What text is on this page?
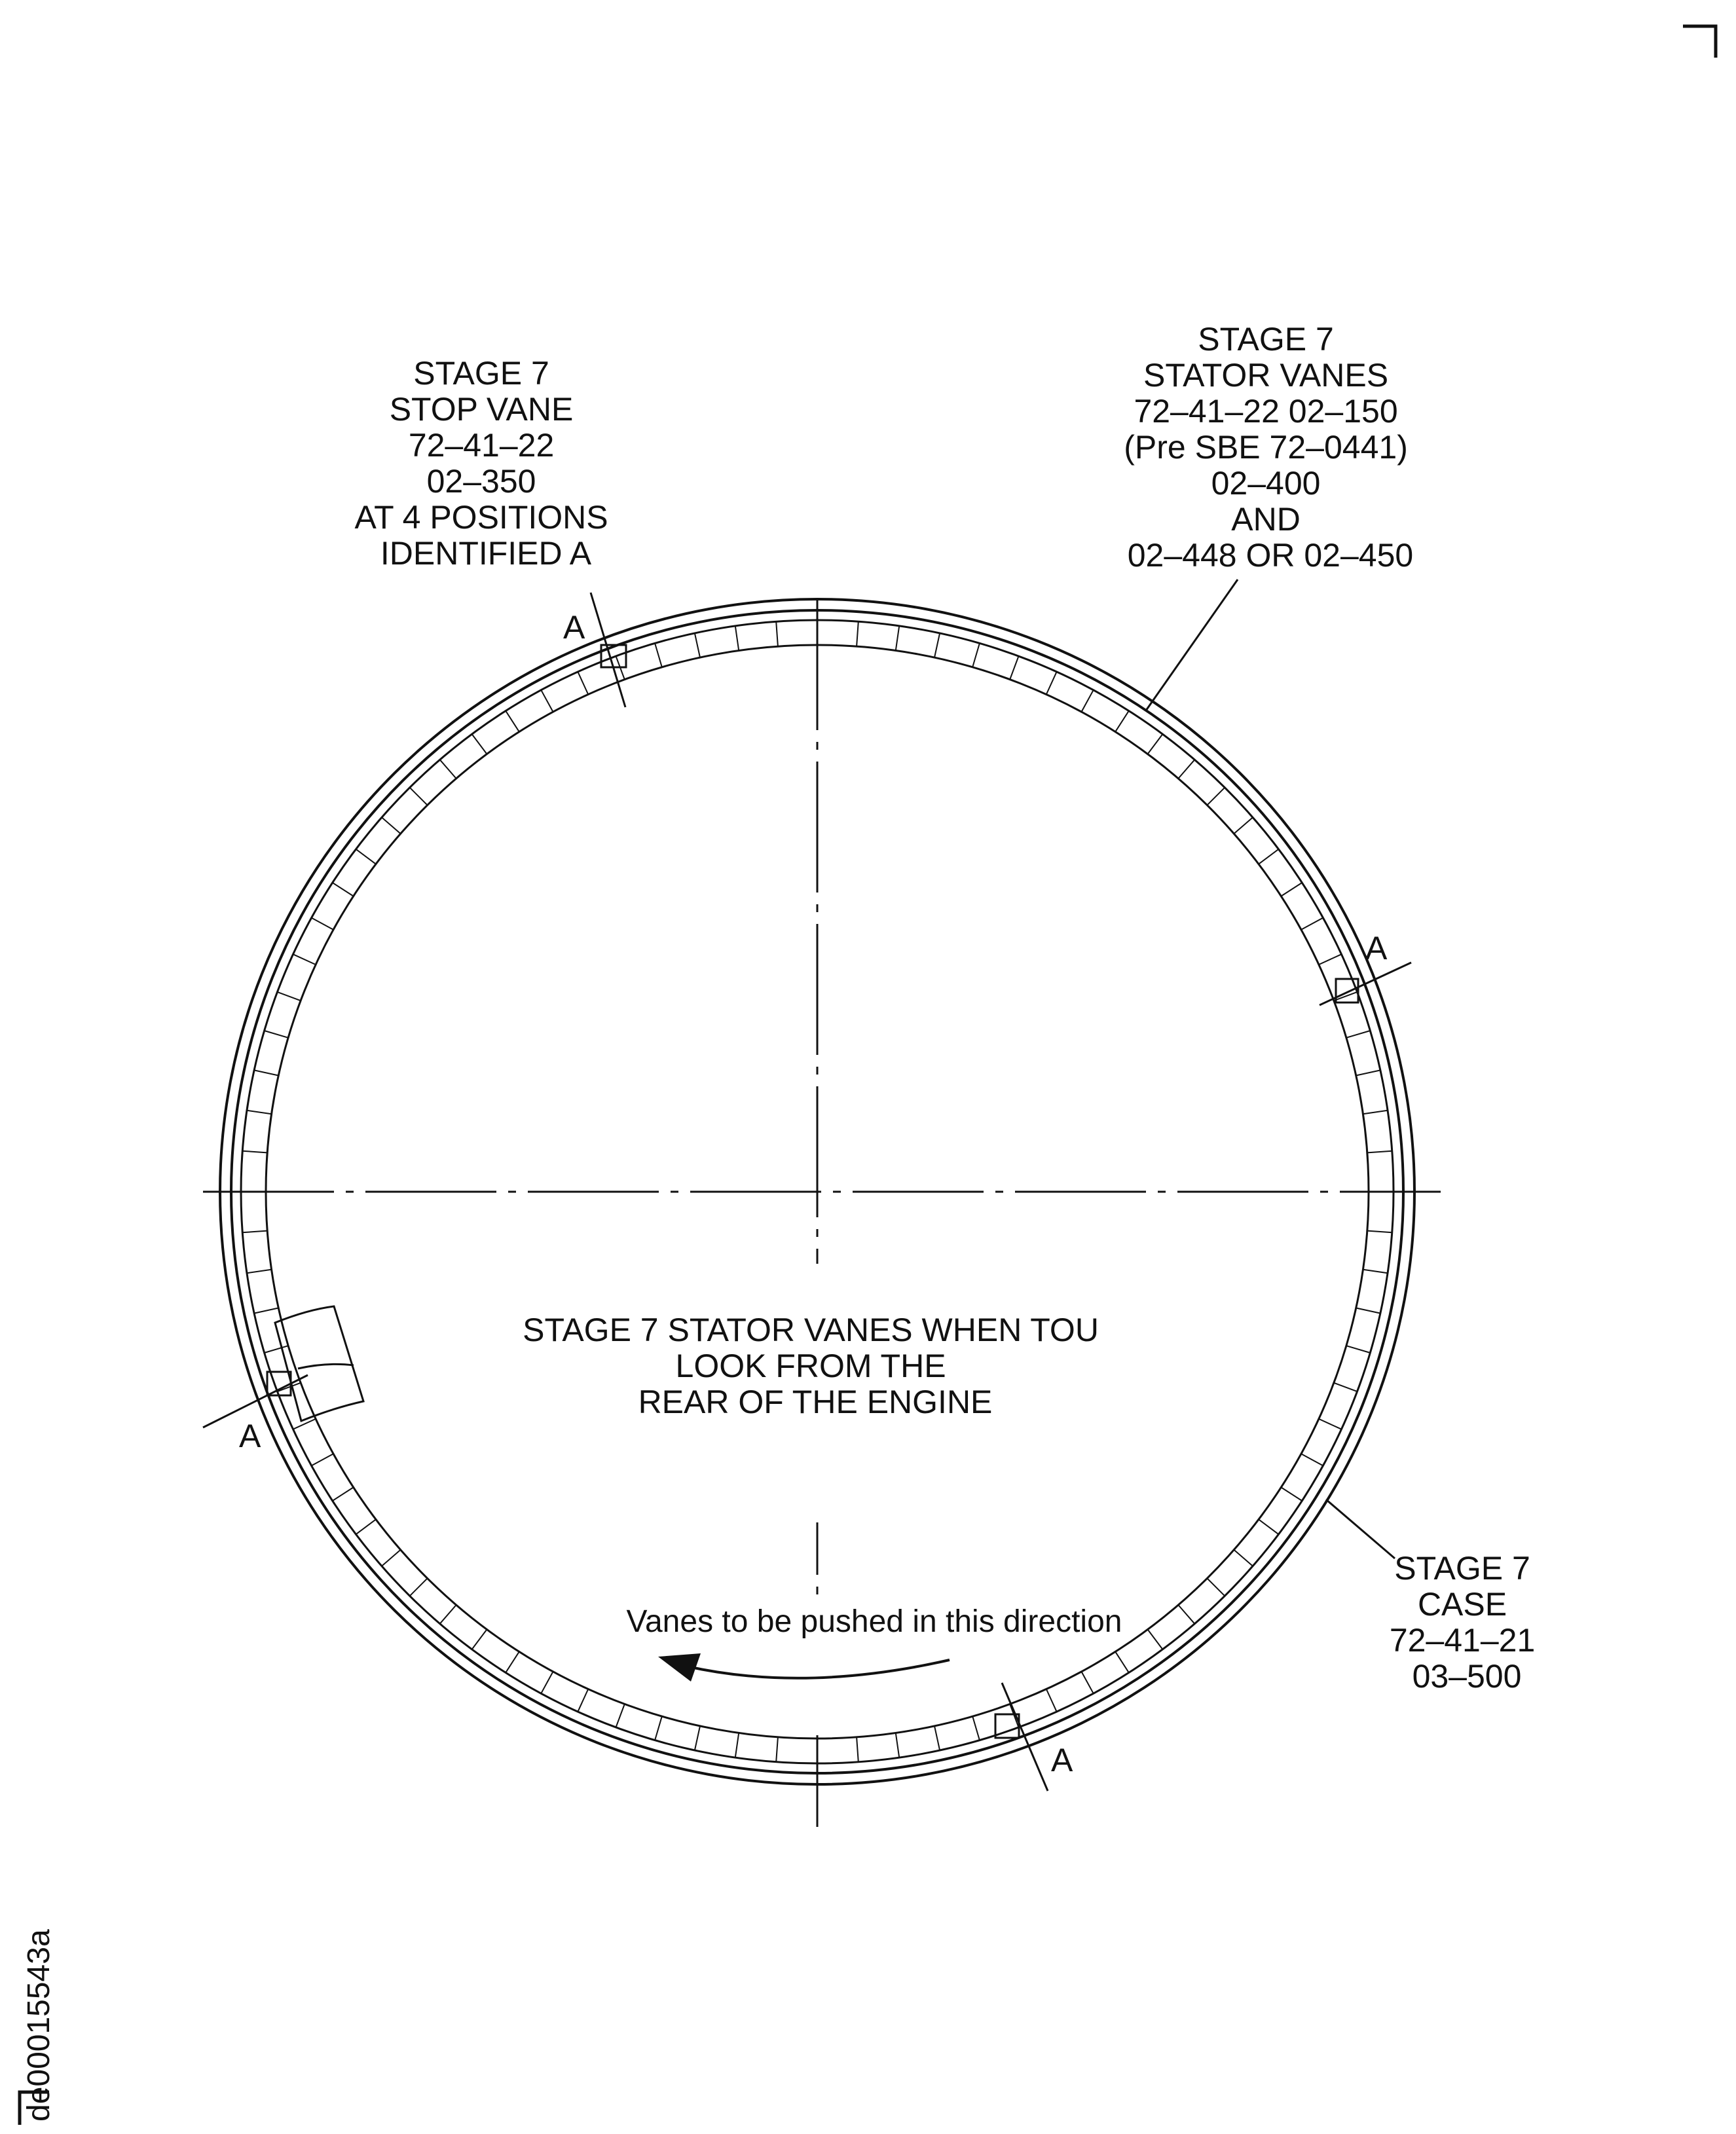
A
A
A
A
STAGE 7 STOP VANE 72–41–22 02–350 AT 4 POSITIONS IDENTIFIED A
STAGE 7 STATOR VANES 72–41–22 02–150 (Pre SBE 72–0441) 02–400 AND 02–448 OR 02–450
STAGE 7 CASE 72–41–21 03–500
STAGE 7 STATOR VANES WHEN TOU LOOK FROM THE REAR OF THE ENGINE
Vanes to be pushed in this direction
de00015543a
